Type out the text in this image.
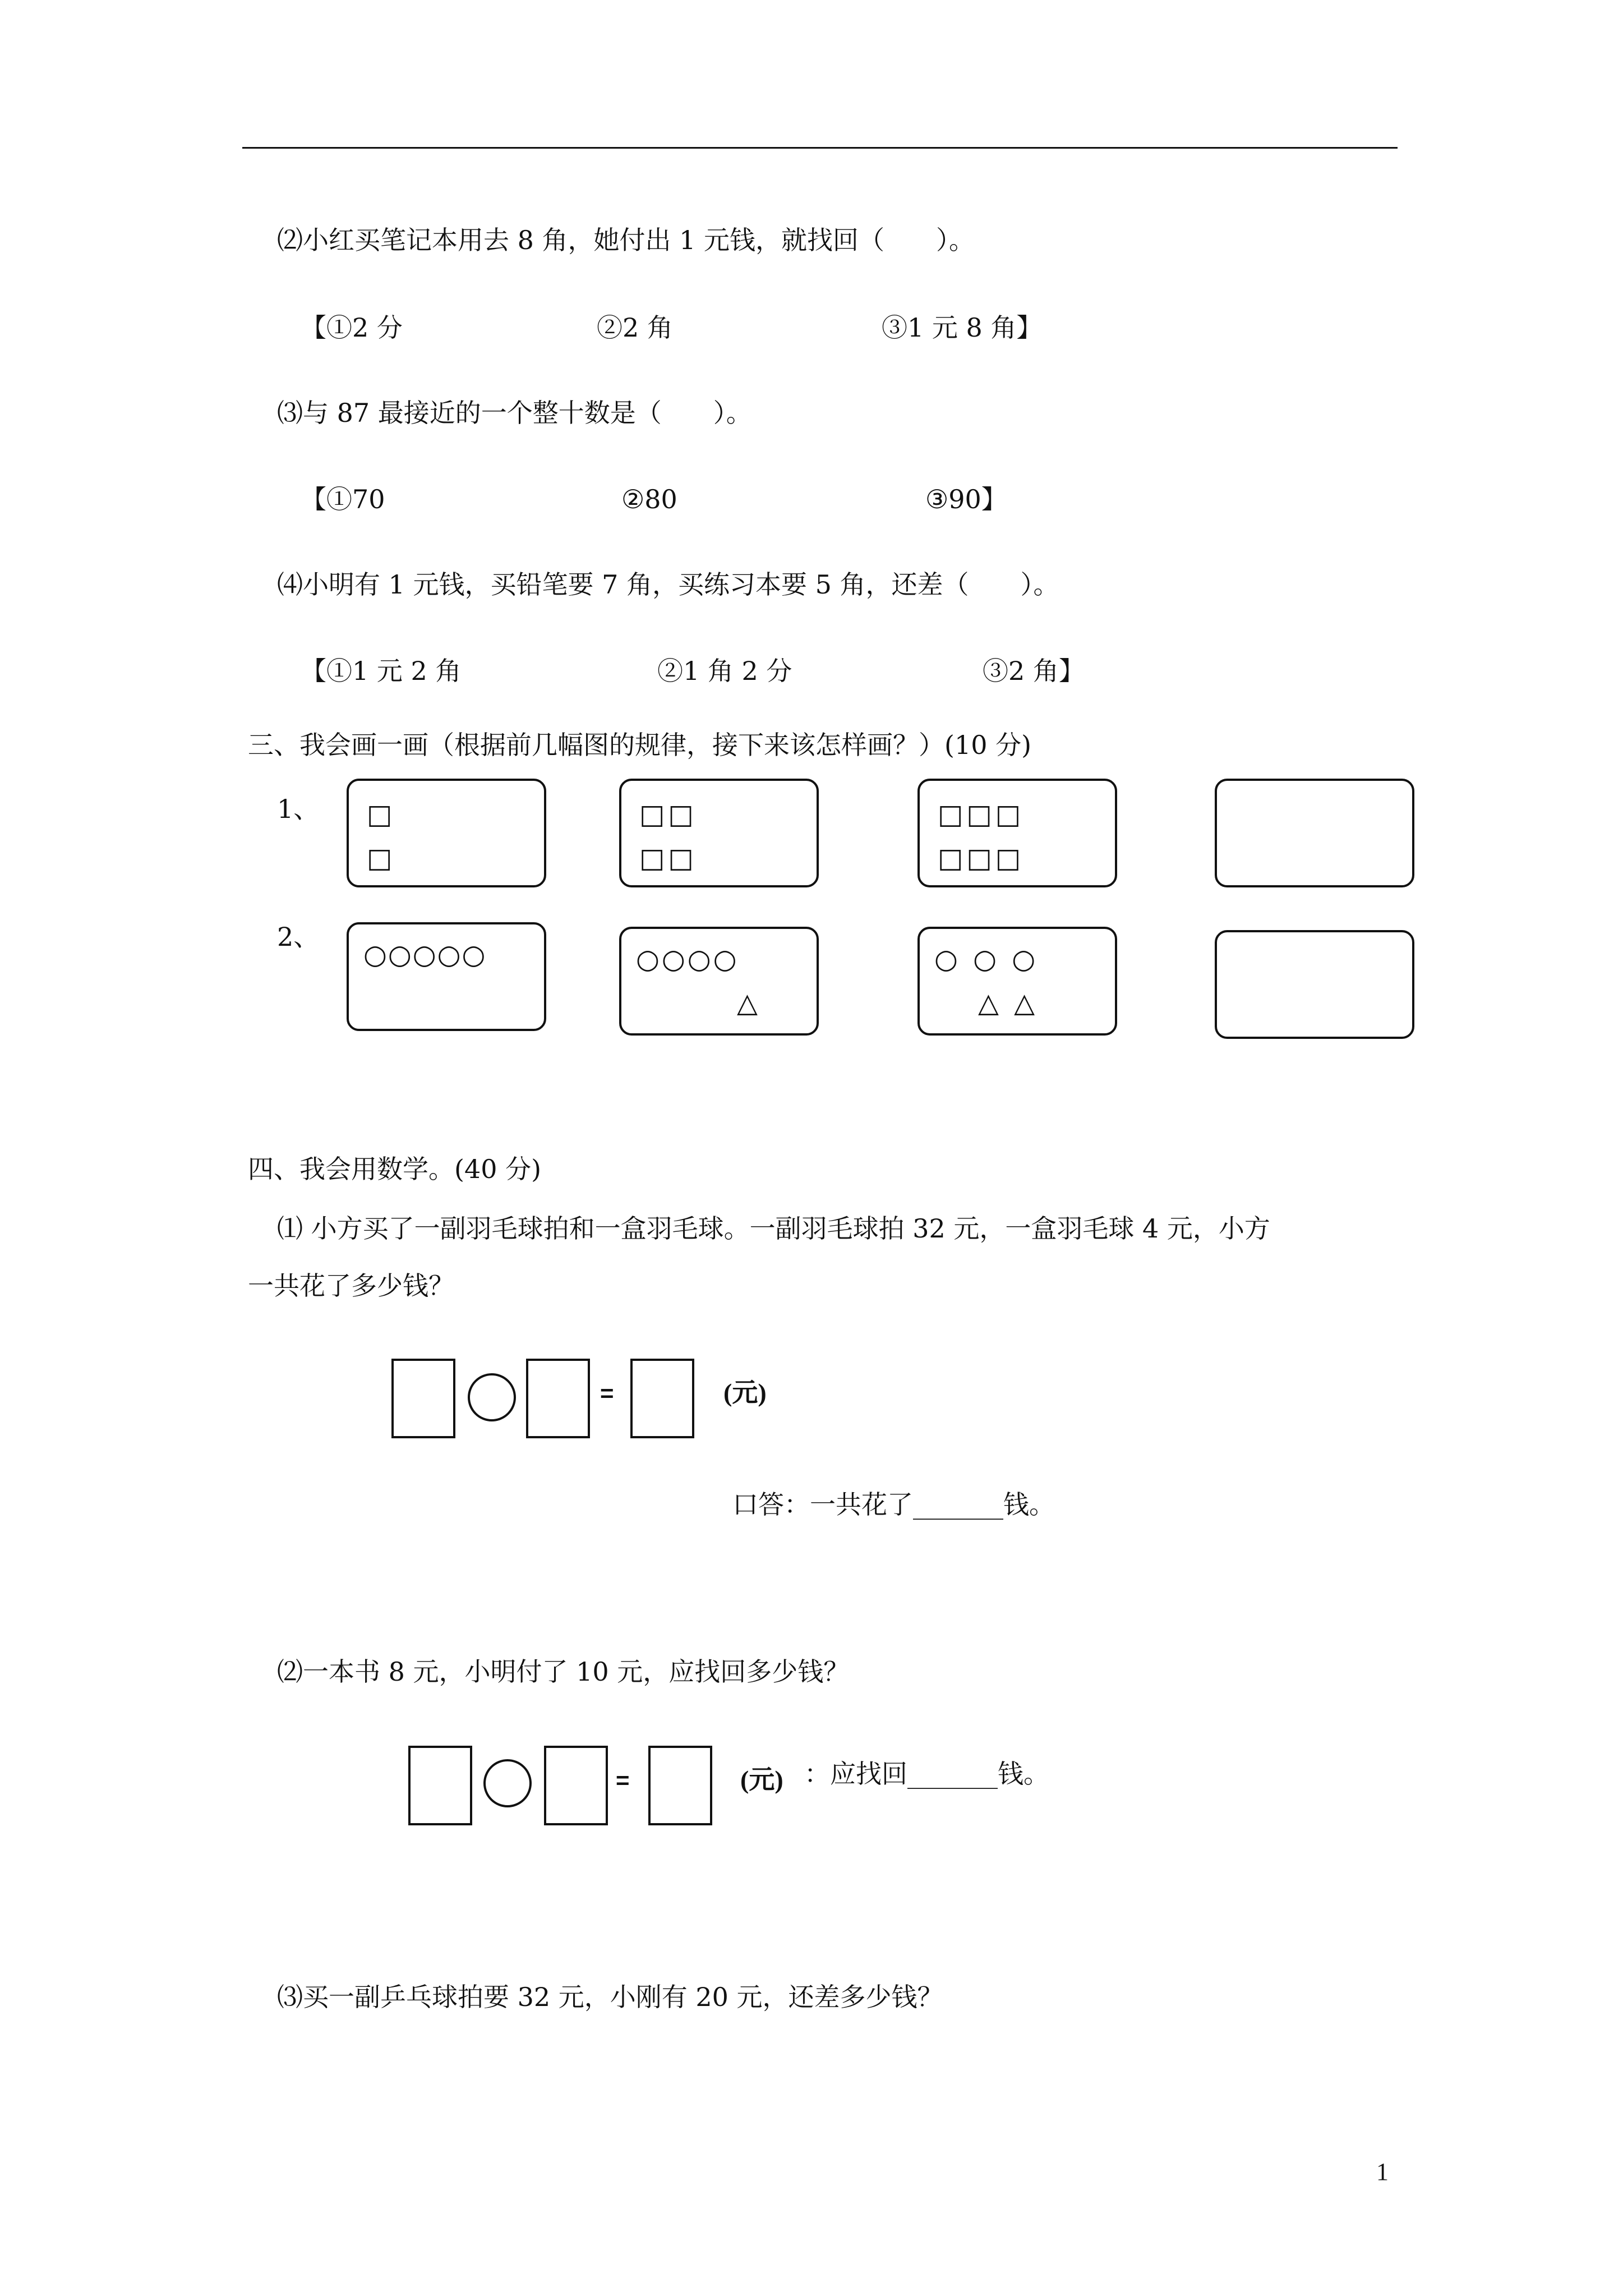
⑵小红买笔记本用去 8 角，她付出 1 元钱，就找回（　　）。
【①2 分	②2 角	③1 元 8 角】
⑶与 87 最接近的一个整十数是（　　）。
【①70	②80	③90】
⑷小明有 1 元钱，买铅笔要 7 角，买练习本要 5 角，还差（　　）。
【①1 元 2 角	②1 角 2 分	③2 角】
三、我会画一画（根据前几幅图的规律，接下来该怎样画？）(10 分)
1、 □
□
□□
□□
□□□
□□□
2、
○○○○○	○○○○
△
○ ○ ○
△ △
四、我会用数学。(40 分)
⑴ 小方买了一副羽毛球拍和一盒羽毛球。一副羽毛球拍 32 元，一盒羽毛球 4 元，小方
一共花了多少钱？
=	(元)
口答：一共花了_______钱。
⑵一本书 8 元，小明付了 10 元，应找回多少钱？
=	(元) ：应找回_______钱。
⑶买一副乒乓球拍要 32 元，小刚有 20 元，还差多少钱？
1
